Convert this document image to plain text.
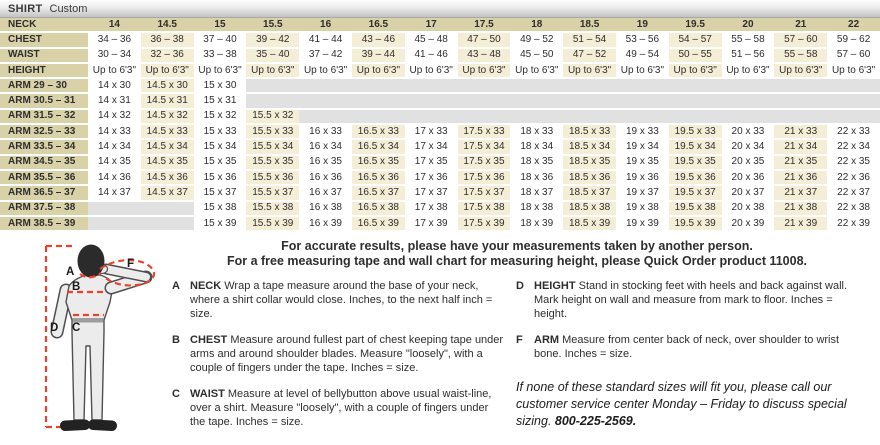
SHIRT Custom
NECK	14	14.5	15	15.5	16	16.5	17	17.5	18	18.5	19	19.5	20	21	22
CHEST	34 – 36	36 – 38	37 – 40	39 – 42	41 – 44	43 – 46	45 – 48	47 – 50	49 – 52	51 – 54	53 – 56	54 – 57	55 – 58	57 – 60	59 – 62
WAIST	30 – 34	32 – 36	33 – 38	35 – 40	37 – 42	39 – 44	41 – 46	43 – 48	45 – 50	47 – 52	49 – 54	50 – 55	51 – 56	55 – 58	57 – 60
HEIGHT	Up to 6'3"	Up to 6'3"	Up to 6'3"	Up to 6'3"	Up to 6'3"	Up to 6'3"	Up to 6'3"	Up to 6'3"	Up to 6'3"	Up to 6'3"	Up to 6'3"	Up to 6'3"	Up to 6'3"	Up to 6'3"	Up to 6'3"
ARM 29 – 30	14 x 30	14.5 x 30	15 x 30												
ARM 30.5 – 31	14 x 31	14.5 x 31	15 x 31												
ARM 31.5 – 32	14 x 32	14.5 x 32	15 x 32	15.5 x 32											
ARM 32.5 – 33	14 x 33	14.5 x 33	15 x 33	15.5 x 33	16 x 33	16.5 x 33	17 x 33	17.5 x 33	18 x 33	18.5 x 33	19 x 33	19.5 x 33	20 x 33	21 x 33	22 x 33
ARM 33.5 – 34	14 x 34	14.5 x 34	15 x 34	15.5 x 34	16 x 34	16.5 x 34	17 x 34	17.5 x 34	18 x 34	18.5 x 34	19 x 34	19.5 x 34	20 x 34	21 x 34	22 x 34
ARM 34.5 – 35	14 x 35	14.5 x 35	15 x 35	15.5 x 35	16 x 35	16.5 x 35	17 x 35	17.5 x 35	18 x 35	18.5 x 35	19 x 35	19.5 x 35	20 x 35	21 x 35	22 x 35
ARM 35.5 – 36	14 x 36	14.5 x 36	15 x 36	15.5 x 36	16 x 36	16.5 x 36	17 x 36	17.5 x 36	18 x 36	18.5 x 36	19 x 36	19.5 x 36	20 x 36	21 x 36	22 x 36
ARM 36.5 – 37	14 x 37	14.5 x 37	15 x 37	15.5 x 37	16 x 37	16.5 x 37	17 x 37	17.5 x 37	18 x 37	18.5 x 37	19 x 37	19.5 x 37	20 x 37	21 x 37	22 x 37
ARM 37.5 – 38			15 x 38	15.5 x 38	16 x 38	16.5 x 38	17 x 38	17.5 x 38	18 x 38	18.5 x 38	19 x 38	19.5 x 38	20 x 38	21 x 38	22 x 38
ARM 38.5 – 39			15 x 39	15.5 x 39	16 x 39	16.5 x 39	17 x 39	17.5 x 39	18 x 39	18.5 x 39	19 x 39	19.5 x 39	20 x 39	21 x 39	22 x 39
A
B
C
D
F
For accurate results, please have your measurements taken by another person.
For a free measuring tape and wall chart for measuring height, please Quick Order product 11008.
A NECK Wrap a tape measure around the base of your neck, where a shirt collar would close. Inches, to the next half inch = size.
B CHEST Measure around fullest part of chest keeping tape under arms and around shoulder blades. Measure "loosely", with a couple of fingers under the tape. Inches = size.
C WAIST Measure at level of bellybutton above usual waist-line, over a shirt. Measure "loosely", with a couple of fingers under the tape. Inches = size.
D HEIGHT Stand in stocking feet with heels and back against wall. Mark height on wall and measure from mark to floor. Inches = height.
F	ARM Measure from center back of neck, over shoulder to wrist bone. Inches = size.

If none of these standard sizes will fit you, please call our customer service center Monday – Friday to discuss special sizing. 800-225-2569.
